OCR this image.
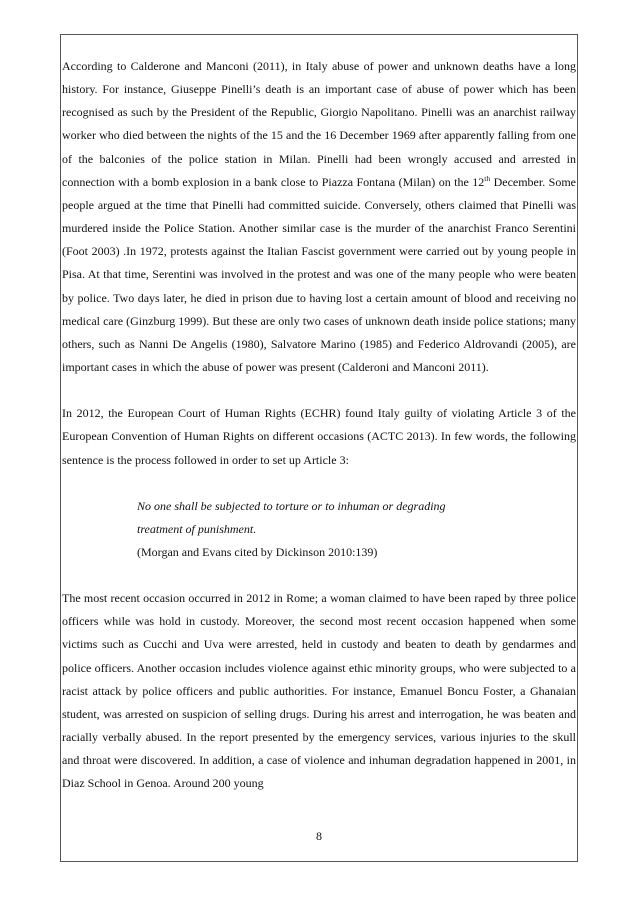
According to Calderone and Manconi (2011), in Italy abuse of power and unknown deaths have a long history. For instance, Giuseppe Pinelli’s death is an important case of abuse of power which has been recognised as such by the President of the Republic, Giorgio Napolitano. Pinelli was an anarchist railway worker who died between the nights of the 15 and the 16 December 1969 after apparently falling from one of the balconies of the police station in Milan. Pinelli had been wrongly accused and arrested in connection with a bomb explosion in a bank close to Piazza Fontana (Milan) on the 12th December. Some people argued at the time that Pinelli had committed suicide. Conversely, others claimed that Pinelli was murdered inside the Police Station. Another similar case is the murder of the anarchist Franco Serentini (Foot 2003) .In 1972, protests against the Italian Fascist government were carried out by young people in Pisa. At that time, Serentini was involved in the protest and was one of the many people who were beaten by police. Two days later, he died in prison due to having lost a certain amount of blood and receiving no medical care (Ginzburg 1999). But these are only two cases of unknown death inside police stations; many others, such as Nanni De Angelis (1980), Salvatore Marino (1985) and Federico Aldrovandi (2005), are important cases in which the abuse of power was present (Calderoni and Manconi 2011).

In 2012, the European Court of Human Rights (ECHR) found Italy guilty of violating Article 3 of the European Convention of Human Rights on different occasions (ACTC 2013). In few words, the following sentence is the process followed in order to set up Article 3:

No one shall be subjected to torture or to inhuman or degrading
treatment of punishment.
(Morgan and Evans cited by Dickinson 2010:139)

The most recent occasion occurred in 2012 in Rome; a woman claimed to have been raped by three police officers while was hold in custody. Moreover, the second most recent occasion happened when some victims such as Cucchi and Uva were arrested, held in custody and beaten to death by gendarmes and police officers. Another occasion includes violence against ethic minority groups, who were subjected to a racist attack by police officers and public authorities. For instance, Emanuel Boncu Foster, a Ghanaian student, was arrested on suspicion of selling drugs. During his arrest and interrogation, he was beaten and racially verbally abused. In the report presented by the emergency services, various injuries to the skull and throat were discovered. In addition, a case of violence and inhuman degradation happened in 2001, in Diaz School in Genoa. Around 200 young

8
